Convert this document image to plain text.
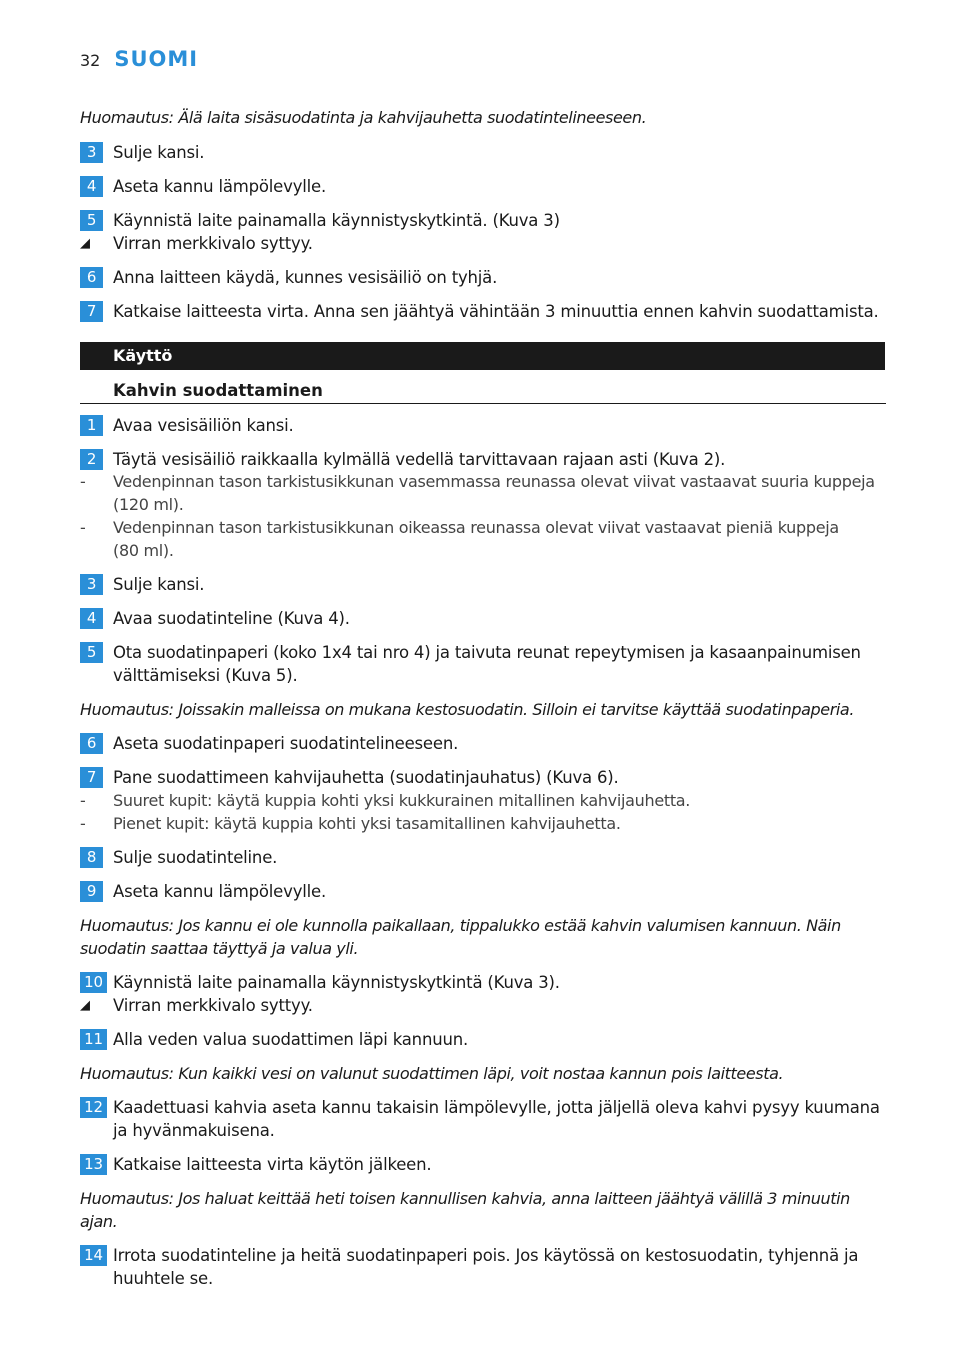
32 SUOMI
Huomautus: Älä laita sisäsuodatinta ja kahvijauhetta suodatintelineeseen.
3	Sulje kansi.
4	Aseta kannu lämpölevylle.
5	Käynnistä laite painamalla käynnistyskytkintä. (Kuva 3)
◢	Virran merkkivalo syttyy.
6	Anna laitteen käydä, kunnes vesisäiliö on tyhjä.
7	Katkaise laitteesta virta. Anna sen jäähtyä vähintään 3 minuuttia ennen kahvin suodattamista.
Käyttö
Kahvin suodattaminen
1	Avaa vesisäiliön kansi.
2	Täytä vesisäiliö raikkaalla kylmällä vedellä tarvittavaan rajaan asti (Kuva 2).
-	Vedenpinnan tason tarkistusikkunan vasemmassa reunassa olevat viivat vastaavat suuria kuppeja
(120 ml).
-	Vedenpinnan tason tarkistusikkunan oikeassa reunassa olevat viivat vastaavat pieniä kuppeja
(80 ml).
3	Sulje kansi.
4	Avaa suodatinteline (Kuva 4).
5	Ota suodatinpaperi (koko 1x4 tai nro 4) ja taivuta reunat repeytymisen ja kasaanpainumisen
välttämiseksi (Kuva 5).
Huomautus: Joissakin malleissa on mukana kestosuodatin. Silloin ei tarvitse käyttää suodatinpaperia.
6	Aseta suodatinpaperi suodatintelineeseen.
7	Pane suodattimeen kahvijauhetta (suodatinjauhatus) (Kuva 6).
-	Suuret kupit: käytä kuppia kohti yksi kukkurainen mitallinen kahvijauhetta.
-	Pienet kupit: käytä kuppia kohti yksi tasamitallinen kahvijauhetta.
8	Sulje suodatinteline.
9	Aseta kannu lämpölevylle.
Huomautus: Jos kannu ei ole kunnolla paikallaan, tippalukko estää kahvin valumisen kannuun. Näin
suodatin saattaa täyttyä ja valua yli.
10 Käynnistä laite painamalla käynnistyskytkintä (Kuva 3).
◢	Virran merkkivalo syttyy.
11 Alla veden valua suodattimen läpi kannuun.
Huomautus: Kun kaikki vesi on valunut suodattimen läpi, voit nostaa kannun pois laitteesta.
12 Kaadettuasi kahvia aseta kannu takaisin lämpölevylle, jotta jäljellä oleva kahvi pysyy kuumana
ja hyvänmakuisena.
13 Katkaise laitteesta virta käytön jälkeen.
Huomautus: Jos haluat keittää heti toisen kannullisen kahvia, anna laitteen jäähtyä välillä 3 minuutin
ajan.
14 Irrota suodatinteline ja heitä suodatinpaperi pois. Jos käytössä on kestosuodatin, tyhjennä ja
huuhtele se.
